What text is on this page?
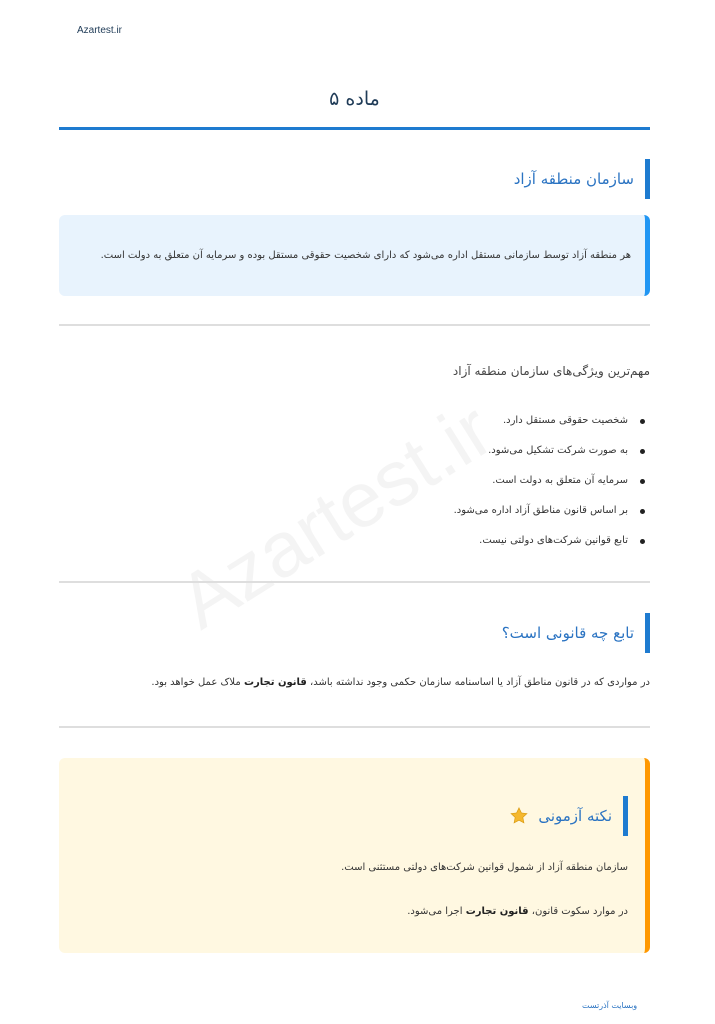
Azartest.ir
ماده ۵
سازمان منطقه آزاد
هر منطقه آزاد توسط سازمانی مستقل اداره می‌شود که دارای شخصیت حقوقی مستقل بوده و سرمایه آن متعلق به دولت است.
مهم‌ترین ویژگی‌های سازمان منطقه آزاد
شخصیت حقوقی مستقل دارد.
به صورت شرکت تشکیل می‌شود.
سرمایه آن متعلق به دولت است.
بر اساس قانون مناطق آزاد اداره می‌شود.
تابع قوانین شرکت‌های دولتی نیست.
تابع چه قانونی است؟
در مواردی که در قانون مناطق آزاد یا اساسنامه سازمان حکمی وجود نداشته باشد، قانون تجارت ملاک عمل خواهد بود.
نکته آزمونی
سازمان منطقه آزاد از شمول قوانین شرکت‌های دولتی مستثنی است.
در موارد سکوت قانون، قانون تجارت اجرا می‌شود.
وبسایت آذرتست
